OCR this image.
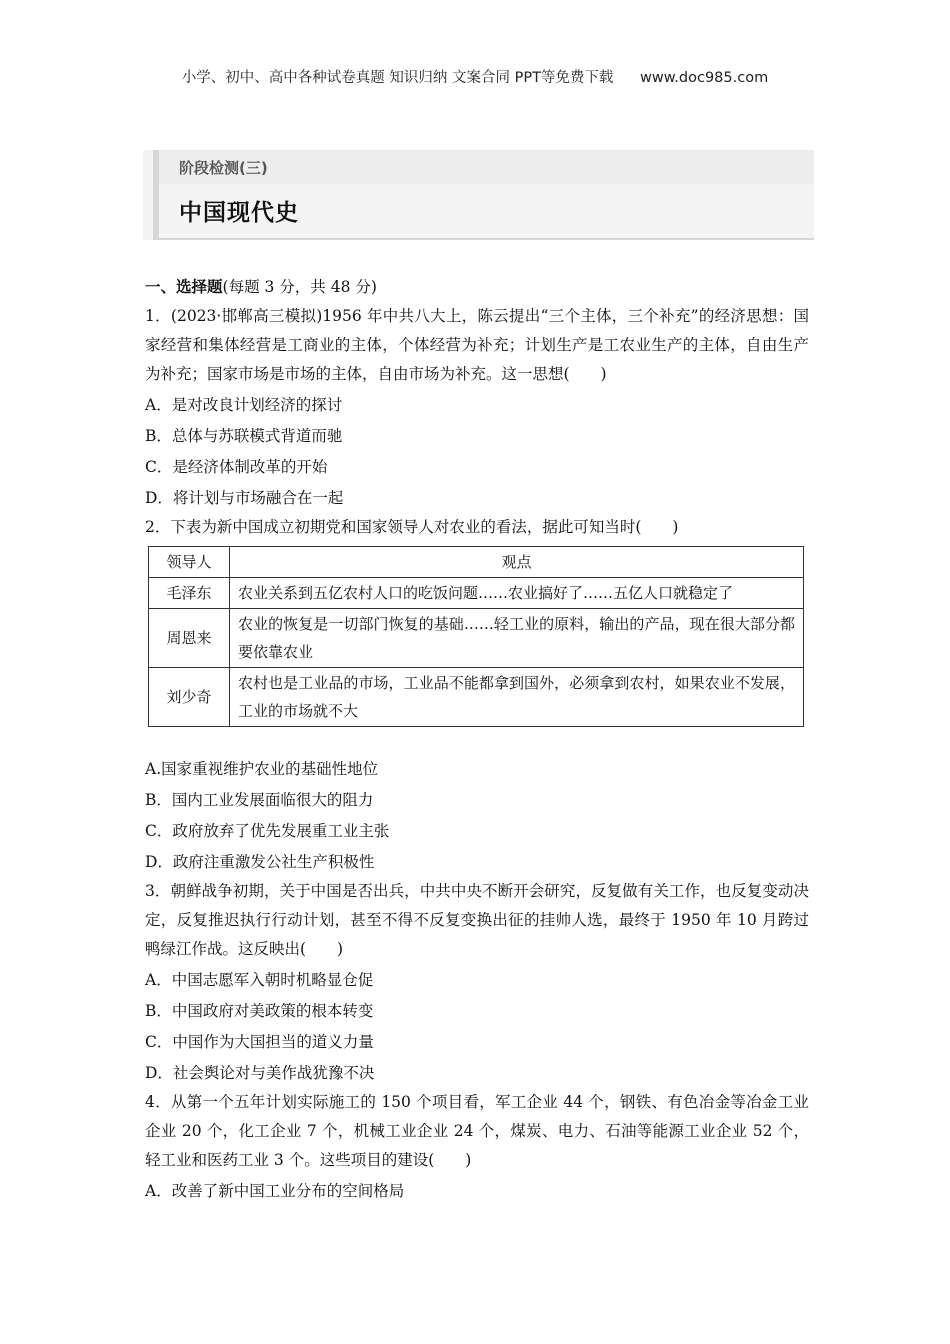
小学、初中、高中各种试卷真题 知识归纳 文案合同 PPT等免费下载 www.doc985.com
阶段检测(三)
中国现代史

一、选择题(每题 3 分，共 48 分)

1．(2023·邯郸高三模拟)1956 年中共八大上，陈云提出“三个主体，三个补充”的经济思想：国家经营和集体经营是工商业的主体，个体经营为补充；计划生产是工农业生产的主体，自由生产为补充；国家市场是市场的主体，自由市场为补充。这一思想(　　)

A．是对改良计划经济的探讨

B．总体与苏联模式背道而驰

C．是经济体制改革的开始

D．将计划与市场融合在一起

2．下表为新中国成立初期党和国家领导人对农业的看法，据此可知当时(　　)

领导人	观点
毛泽东	农业关系到五亿农村人口的吃饭问题……农业搞好了……五亿人口就稳定了
周恩来	农业的恢复是一切部门恢复的基础……轻工业的原料，输出的产品，现在很大部分都要依靠农业
刘少奇	农村也是工业品的市场，工业品不能都拿到国外，必须拿到农村，如果农业不发展，工业的市场就不大

A.国家重视维护农业的基础性地位

B．国内工业发展面临很大的阻力

C．政府放弃了优先发展重工业主张

D．政府注重激发公社生产积极性

3．朝鲜战争初期，关于中国是否出兵，中共中央不断开会研究，反复做有关工作，也反复变动决定，反复推迟执行行动计划，甚至不得不反复变换出征的挂帅人选，最终于 1950 年 10 月跨过鸭绿江作战。这反映出(　　)

A．中国志愿军入朝时机略显仓促

B．中国政府对美政策的根本转变

C．中国作为大国担当的道义力量

D．社会舆论对与美作战犹豫不决

4．从第一个五年计划实际施工的 150 个项目看，军工企业 44 个，钢铁、有色冶金等冶金工业企业 20 个，化工企业 7 个，机械工业企业 24 个，煤炭、电力、石油等能源工业企业 52 个，轻工业和医药工业 3 个。这些项目的建设(　　)

A．改善了新中国工业分布的空间格局
